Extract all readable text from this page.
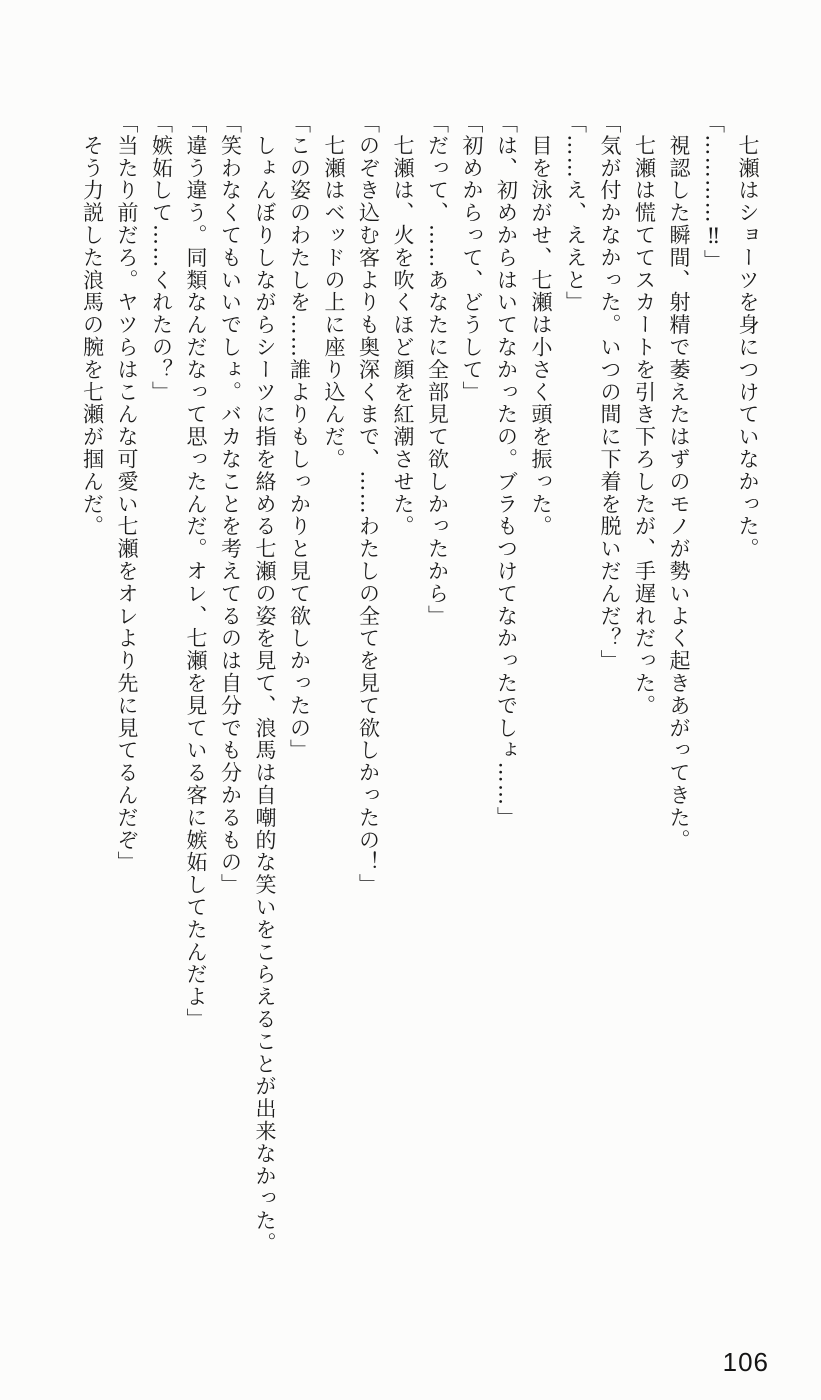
　七瀬はショーツを身につけていなかった。
「…………‼」
　視認した瞬間、射精で萎えたはずのモノが勢いよく起きあがってきた。
　七瀬は慌ててスカートを引き下ろしたが、手遅れだった。
「気が付かなかった。いつの間に下着を脱いだんだ？」
「……え、ええと」
　目を泳がせ、七瀬は小さく頭を振った。
「は、初めからはいてなかったの。ブラもつけてなかったでしょ……」
「初めからって、どうして」
「だって、……あなたに全部見て欲しかったから」
　七瀬は、火を吹くほど顔を紅潮させた。
「のぞき込む客よりも奥深くまで、……わたしの全てを見て欲しかったの！」
　七瀬はベッドの上に座り込んだ。
「この姿のわたしを……誰よりもしっかりと見て欲しかったの」
　しょんぼりしながらシーツに指を絡める七瀬の姿を見て、浪馬は自嘲的な笑いをこらえることが出来なかった。
「笑わなくてもいいでしょ。バカなことを考えてるのは自分でも分かるもの」
「違う違う。同類なんだなって思ったんだ。オレ、七瀬を見ている客に嫉妬してたんだよ」
「嫉妬して……くれたの？」
「当たり前だろ。ヤツらはこんな可愛い七瀬をオレより先に見てるんだぞ」
　そう力説した浪馬の腕を七瀬が掴んだ。
106
